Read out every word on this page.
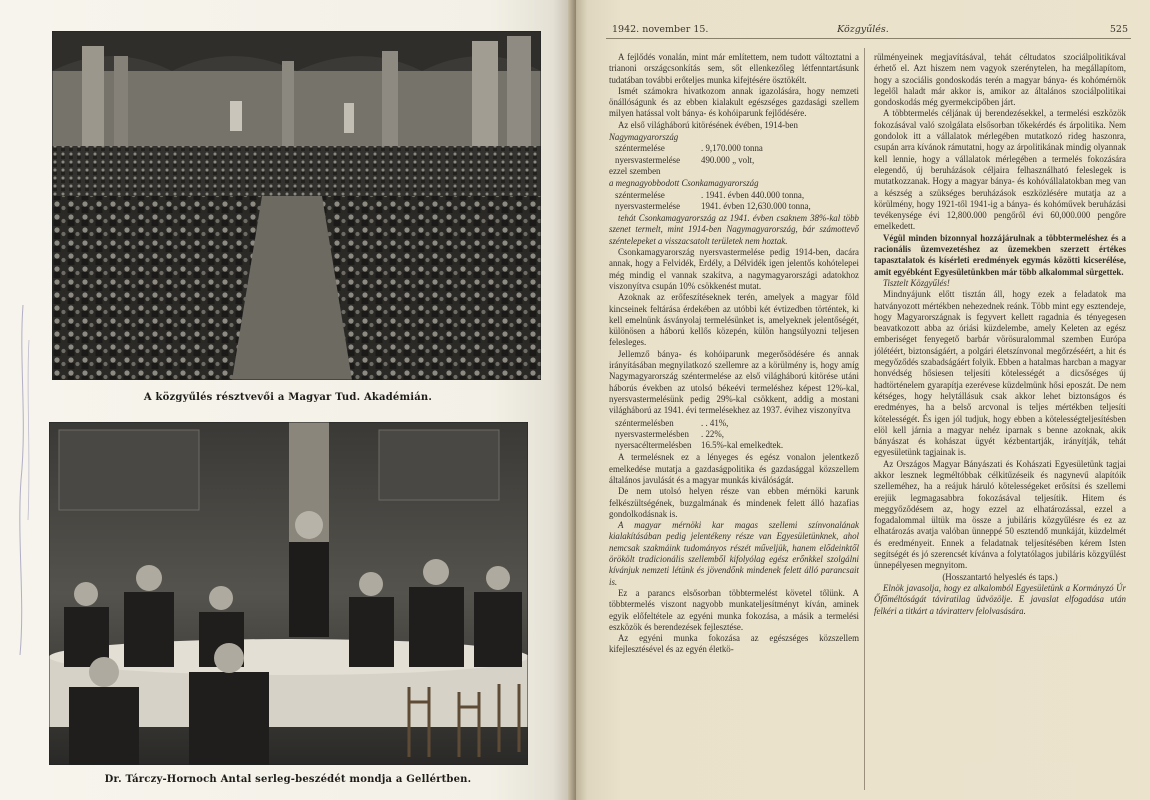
A közgyűlés résztvevői a Magyar Tud. Akadémián.
Dr. Tárczy-Hornoch Antal serleg-beszédét mondja a Gellértben.
1942. november 15.	Közgyűlés.	525

A fejlődés vonalán, mint már említettem, nem tudott változtatni a trianoni országcsonkítás sem, sőt ellenkezőleg létfenntartásunk tudatában további erőteljes munka kifejtésére ösztökélt.

Ismét számokra hivatkozom annak igazolására, hogy nemzeti önállóságunk és az ebben kialakult egészséges gazdasági szellem milyen hatással volt bánya- és kohóiparunk fejlődésére.

Az első világháború kitörésének évében, 1914-ben

Nagymagyarország

széntermelése	. 9,170.000 tonna
nyersvastermelése	490.000 „ volt,

ezzel szemben

a megnagyobbodott Csonkamagyarország

széntermelése	. 1941. évben 440.000 tonna,
nyersvastermelése	1941. évben 12,630.000 tonna,

tehát Csonkamagyarország az 1941. évben csaknem 38%-kal több szenet termelt, mint 1914-ben Nagymagyarország, bár számottevő széntelepeket a visszacsatolt területek nem hoztak.

Csonkamagyarország nyersvastermelése pedig 1914-ben, dacára annak, hogy a Felvidék, Erdély, a Délvidék igen jelentős kohótelepei még mindig el vannak szakítva, a nagymagyarországi adatokhoz viszonyítva csupán 10% csökkenést mutat.

Azoknak az erőfeszítéseknek terén, amelyek a magyar föld kincseinek feltárása érdekében az utóbbi két évtizedben történtek, ki kell emelnünk ásványolaj termelésünket is, amelyeknek jelentőségét, különösen a háború kellős közepén, külön hangsúlyozni teljesen felesleges.

Jellemző bánya- és kohóiparunk megerősödésére és annak irányításában megnyilatkozó szellemre az a körülmény is, hogy amíg Nagymagyarország széntermelése az első világháború kitörése utáni háborús években az utolsó békeévi termeléshez képest 12%-kal, nyersvastermelésünk pedig 29%-kal csökkent, addig a mostani világháború az 1941. évi termelésekhez az 1937. évihez viszonyítva

széntermelésben	. . 41%,
nyersvastermelésben	. 22%,
nyersacéltermelésben	16.5%-kal emelkedtek.

A termelésnek ez a lényeges és egész vonalon jelentkező emelkedése mutatja a gazdaságpolitika és gazdasággal közszellem általános javulását és a magyar munkás kiválóságát.

De nem utolsó helyen része van ebben mérnöki karunk felkészültségének, buzgalmának és mindenek felett álló hazafias gondolkodásnak is.

A magyar mérnöki kar magas szellemi színvonalának kialakításában pedig jelentékeny része van Egyesületünknek, ahol nemcsak szakmáink tudományos részét műveljük, hanem elődeinktől örökölt tradicionális szellemből kifolyólag egész erőnkkel szolgálni kívánjuk nemzeti létünk és jövendőnk mindenek felett álló parancsait is.

Ez a parancs elsősorban többtermelést követel tőlünk. A többtermelés viszont nagyobb munkateljesítményt kíván, aminek egyik előfeltétele az egyéni munka fokozása, a másik a termelési eszközök és berendezések fejlesztése.

Az egyéni munka fokozása az egészséges közszellem kifejlesztésével és az egyén életkö-

rülményeinek megjavításával, tehát céltudatos szociálpolitikával érhető el. Azt hiszem nem vagyok szerénytelen, ha megállapítom, hogy a szociális gondoskodás terén a magyar bánya- és kohómérnök legelől haladt már akkor is, amikor az általános szociálpolitikai gondoskodás még gyermekcipőben járt.

A többtermelés céljának új berendezésekkel, a termelési eszközök fokozásával való szolgálata elsősorban tőkekérdés és árpolitika. Nem gondolok itt a vállalatok mérlegében mutatkozó rideg haszonra, csupán arra kívánok rámutatni, hogy az árpolitikának mindig olyannak kell lennie, hogy a vállalatok mérlegében a termelés fokozására elegendő, új beruházások céljaira felhasználható feleslegek is mutatkozzanak. Hogy a magyar bánya- és kohóvállalatokban meg van a készség a szükséges beruházások eszközlésére mutatja az a körülmény, hogy 1921-től 1941-ig a bánya- és kohóművek beruházási tevékenysége évi 12,800.000 pengőről évi 60,000.000 pengőre emelkedett.

Végül minden bizonnyal hozzájárulnak a többtermeléshez és a racionális üzemvezetéshez az üzemekben szerzett értékes tapasztalatok és kísérleti eredmények egymás közötti kicserélése, amit egyébként Egyesületünkben már több alkalommal sürgettek.

Tisztelt Közgyűlés!

Mindnyájunk előtt tisztán áll, hogy ezek a feladatok ma hatványozott mértékben nehezednek reánk. Több mint egy esztendeje, hogy Magyarországnak is fegyvert kellett ragadnia és tényegesen beavatkozott abba az óriási küzdelembe, amely Keleten az egész emberiséget fenyegető barbár vörösuralommal szemben Európa jólétéért, biztonságáért, a polgári életszínvonal megőrzéséért, a hit és megyőződés szabadságáért folyik. Ebben a hatalmas harcban a magyar honvédség hősiesen teljesíti kötelességét a dicsőséges új hadtörténelem gyarapítja ezerévese küzdelmünk hősi eposzát. De nem kétséges, hogy helytállásuk csak akkor lehet biztonságos és eredményes, ha a belső arcvonal is teljes mértékben teljesíti kötelességét. És igen jól tudjuk, hogy ebben a kötelességteljesítésben elöl kell járnia a magyar nehéz iparnak s benne azoknak, akik bányászat és kohászat ügyét kézbentartják, irányítják, tehát egyesületünk tagjainak is.

Az Országos Magyar Bányászati és Kohászati Egyesületünk tagjai akkor lesznek legméltóbbak célkitűzéseik és nagynevű alapítóik szelleméhez, ha a reájuk háruló kötelességeket erősítsi és szellemi erejük legmagasabbra fokozásával teljesítik. Hitem és meggyőződésem az, hogy ezzel az elhatározással, ezzel a fogadalommal ültük ma össze a jubiláris közgyűlésre és ez az elhatározás avatja valóban ünneppé 50 esztendő munkáját, küzdelmét és eredményeit. Ennek a feladatnak teljesítésében kérem Isten segítségét és jó szerencsét kívánva a folytatólagos jubiláris közgyűlést ünnepélyesen megnyitom.

(Hosszantartó helyeslés és taps.)

Elnök javasolja, hogy ez alkalomból Egyesületünk a Kormányzó Úr Őfőméltóságát táviratilag üdvözölje. E javaslat elfogadása után felkéri a titkárt a táviratterv felolvasására.
